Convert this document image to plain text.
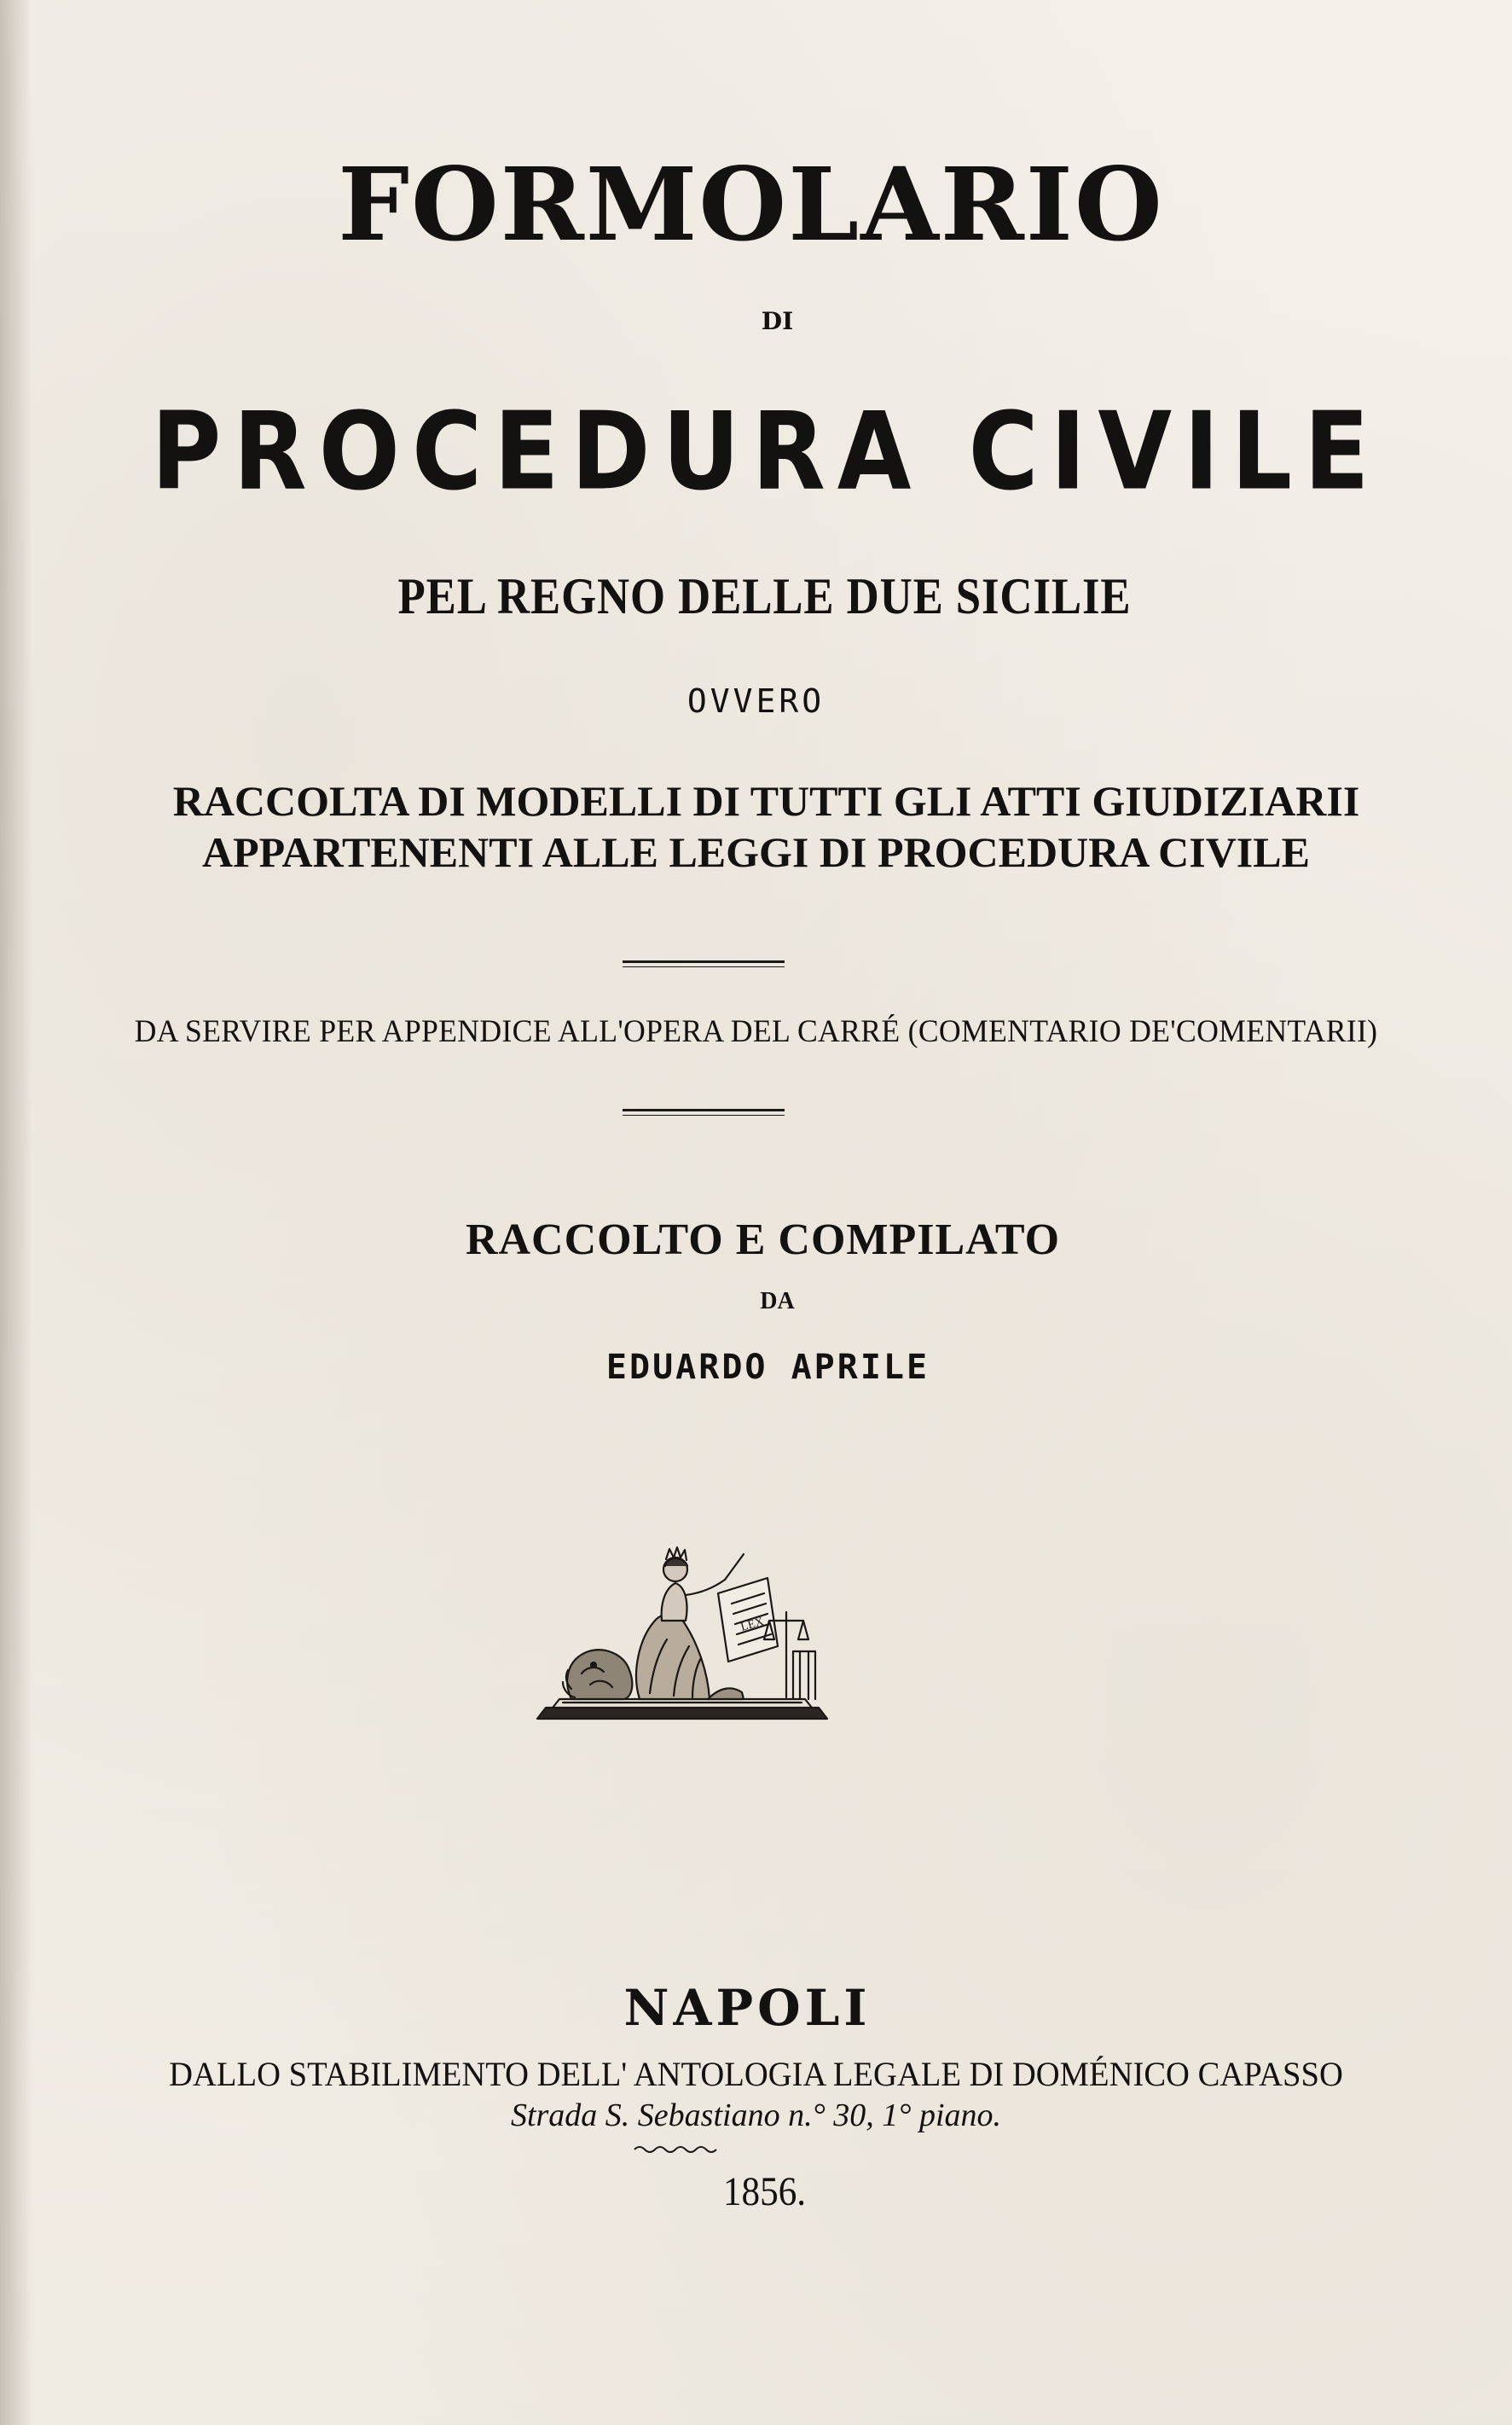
FORMOLARIO
DI
PROCEDURA CIVILE
PEL REGNO DELLE DUE SICILIE
OVVERO
RACCOLTA DI MODELLI DI TUTTI GLI ATTI GIUDIZIARII
APPARTENENTI ALLE LEGGI DI PROCEDURA CIVILE
DA SERVIRE PER APPENDICE ALL'OPERA DEL CARRÉ (COMENTARIO DE'COMENTARII)
RACCOLTO E COMPILATO
DA
EDUARDO APRILE
LEX
NAPOLI
DALLO STABILIMENTO DELL' ANTOLOGIA LEGALE DI DOMÉNICO CAPASSO
Strada S. Sebastiano n.° 30, 1° piano.
1856.
